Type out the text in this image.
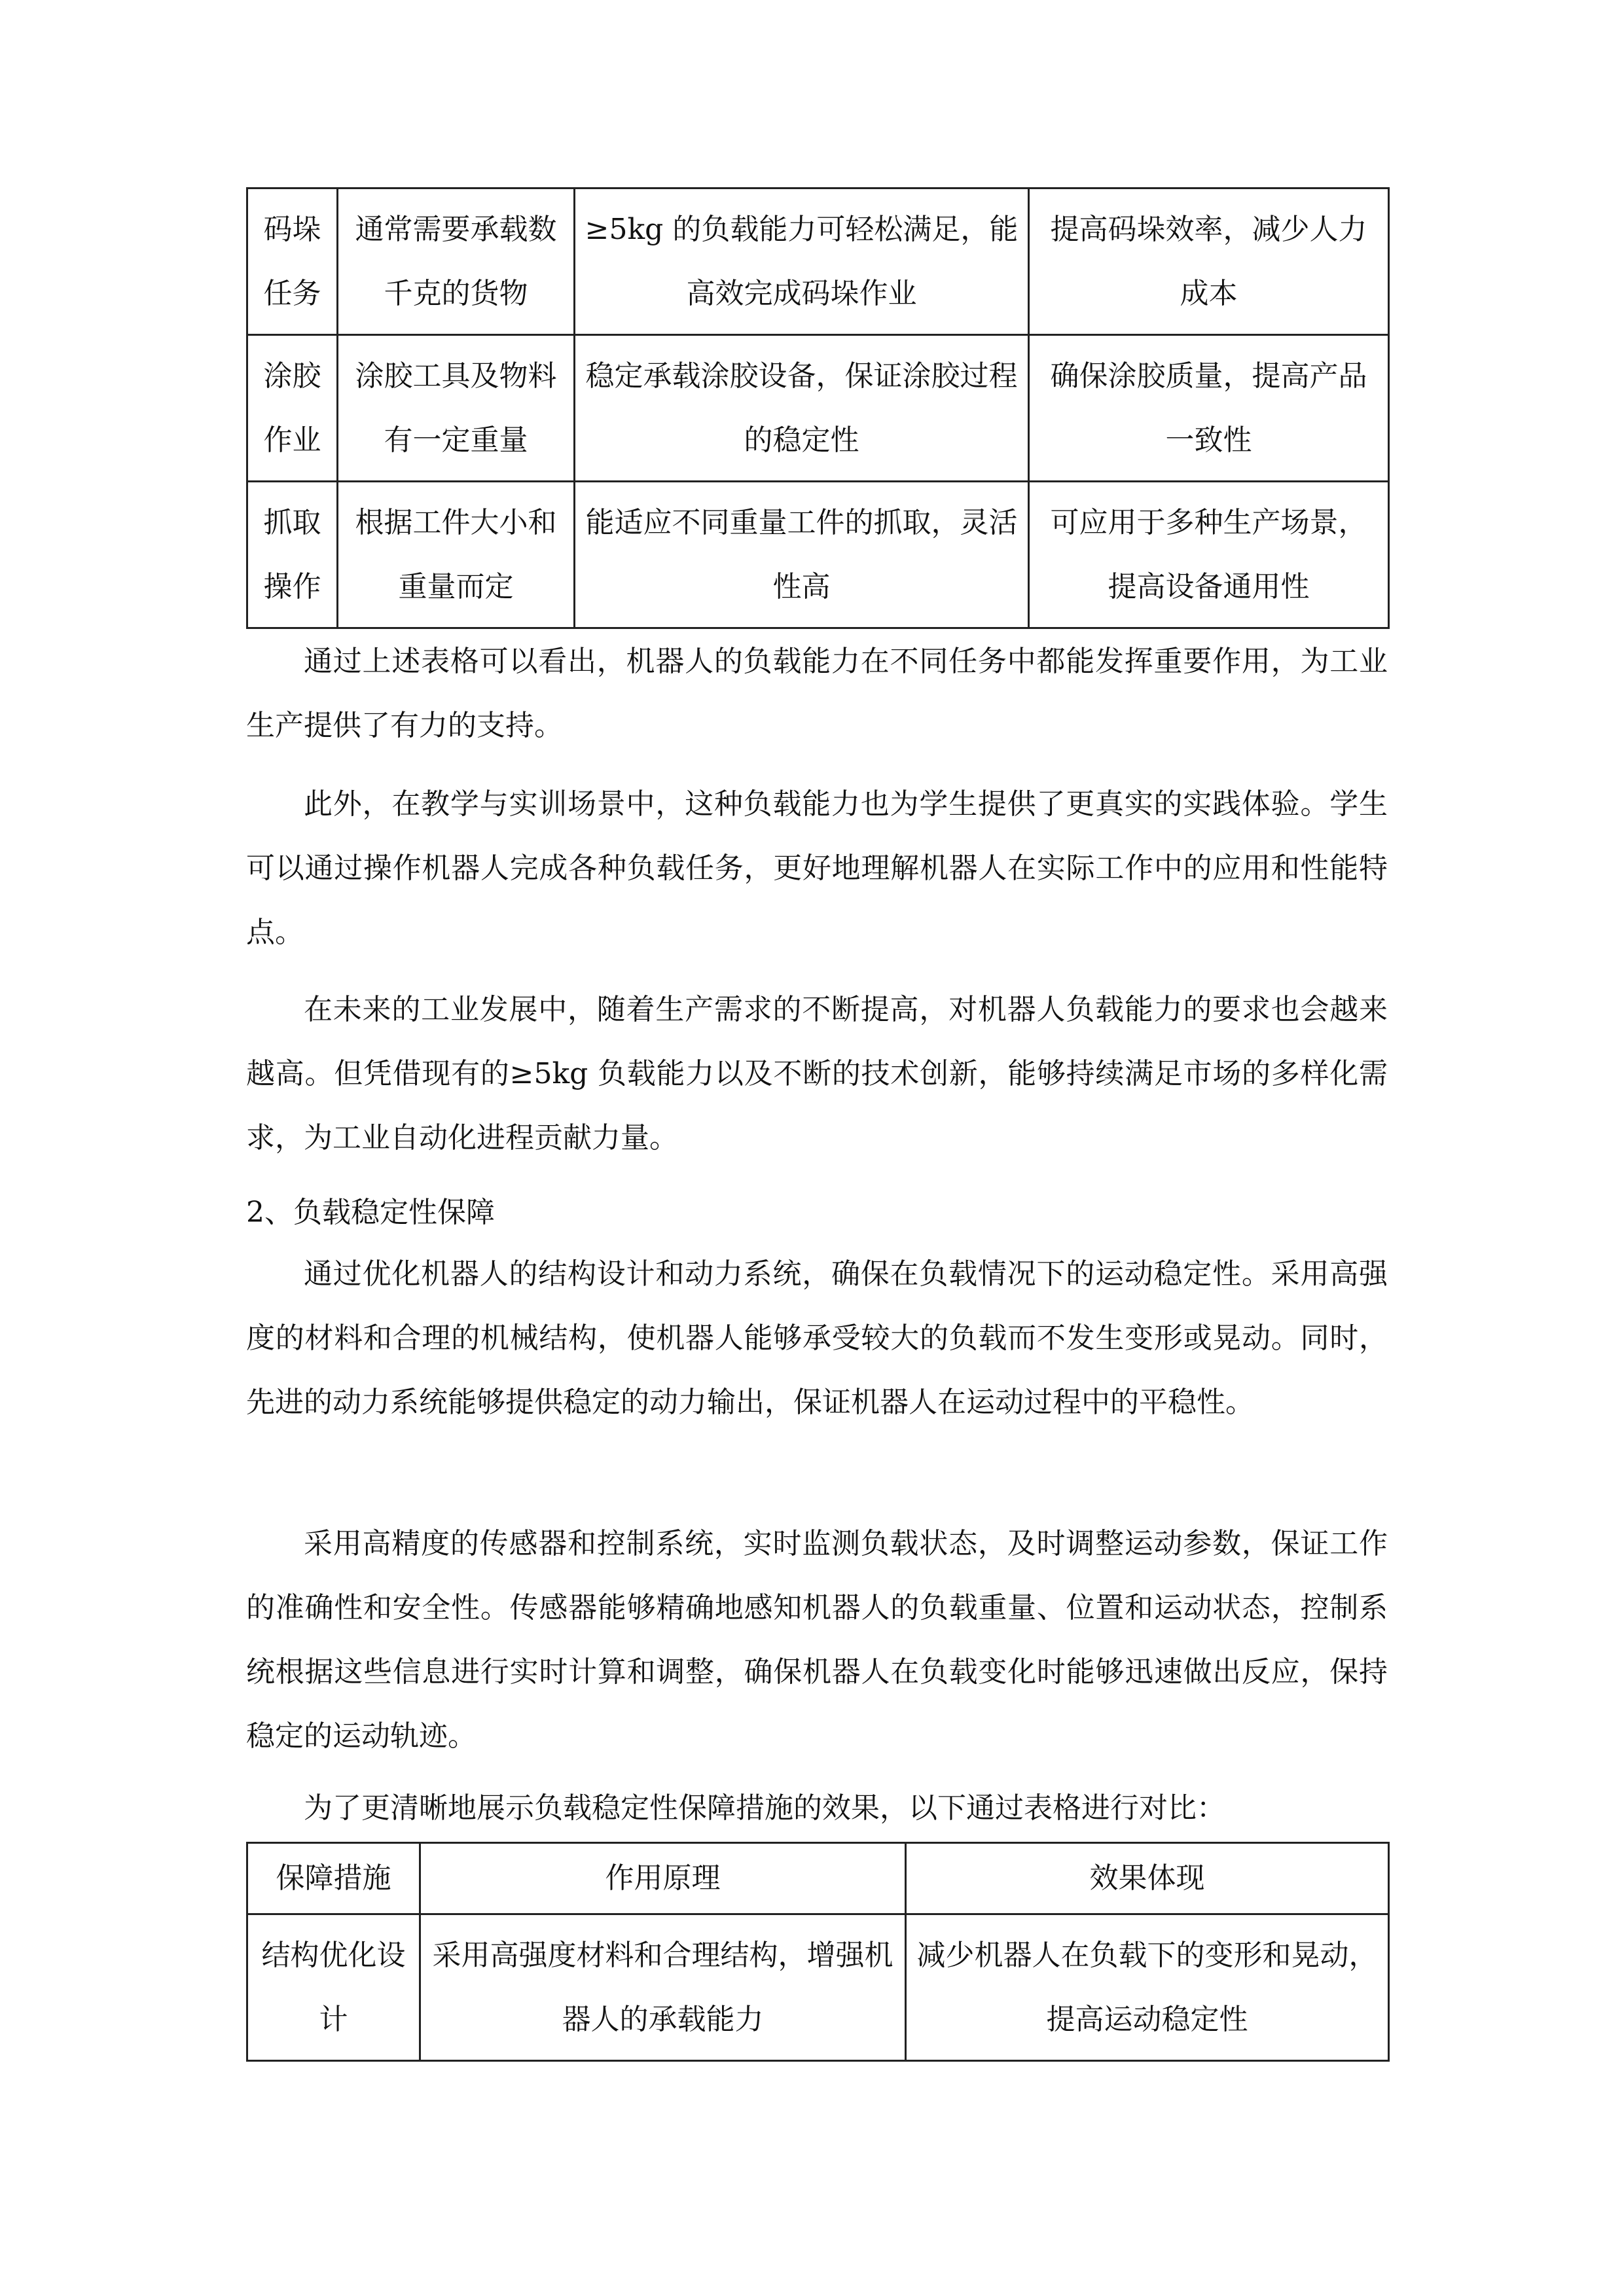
码垛任务	通常需要承载数千克的货物	≥5kg 的负载能力可轻松满足，能高效完成码垛作业	提高码垛效率，减少人力成本
涂胶作业	涂胶工具及物料有一定重量	稳定承载涂胶设备，保证涂胶过程的稳定性	确保涂胶质量，提高产品一致性
抓取操作	根据工件大小和重量而定	能适应不同重量工件的抓取，灵活性高	可应用于多种生产场景，提高设备通用性

通过上述表格可以看出，机器人的负载能力在不同任务中都能发挥重要作用，为工业生产提供了有力的支持。

此外，在教学与实训场景中，这种负载能力也为学生提供了更真实的实践体验。学生可以通过操作机器人完成各种负载任务，更好地理解机器人在实际工作中的应用和性能特点。

在未来的工业发展中，随着生产需求的不断提高，对机器人负载能力的要求也会越来越高。但凭借现有的≥5kg 负载能力以及不断的技术创新，能够持续满足市场的多样化需求，为工业自动化进程贡献力量。

2、负载稳定性保障

通过优化机器人的结构设计和动力系统，确保在负载情况下的运动稳定性。采用高强度的材料和合理的机械结构，使机器人能够承受较大的负载而不发生变形或晃动。同时，先进的动力系统能够提供稳定的动力输出，保证机器人在运动过程中的平稳性。

采用高精度的传感器和控制系统，实时监测负载状态，及时调整运动参数，保证工作的准确性和安全性。传感器能够精确地感知机器人的负载重量、位置和运动状态，控制系统根据这些信息进行实时计算和调整，确保机器人在负载变化时能够迅速做出反应，保持稳定的运动轨迹。

为了更清晰地展示负载稳定性保障措施的效果，以下通过表格进行对比：

保障措施	作用原理	效果体现
结构优化设计	采用高强度材料和合理结构，增强机器人的承载能力	减少机器人在负载下的变形和晃动，提高运动稳定性
